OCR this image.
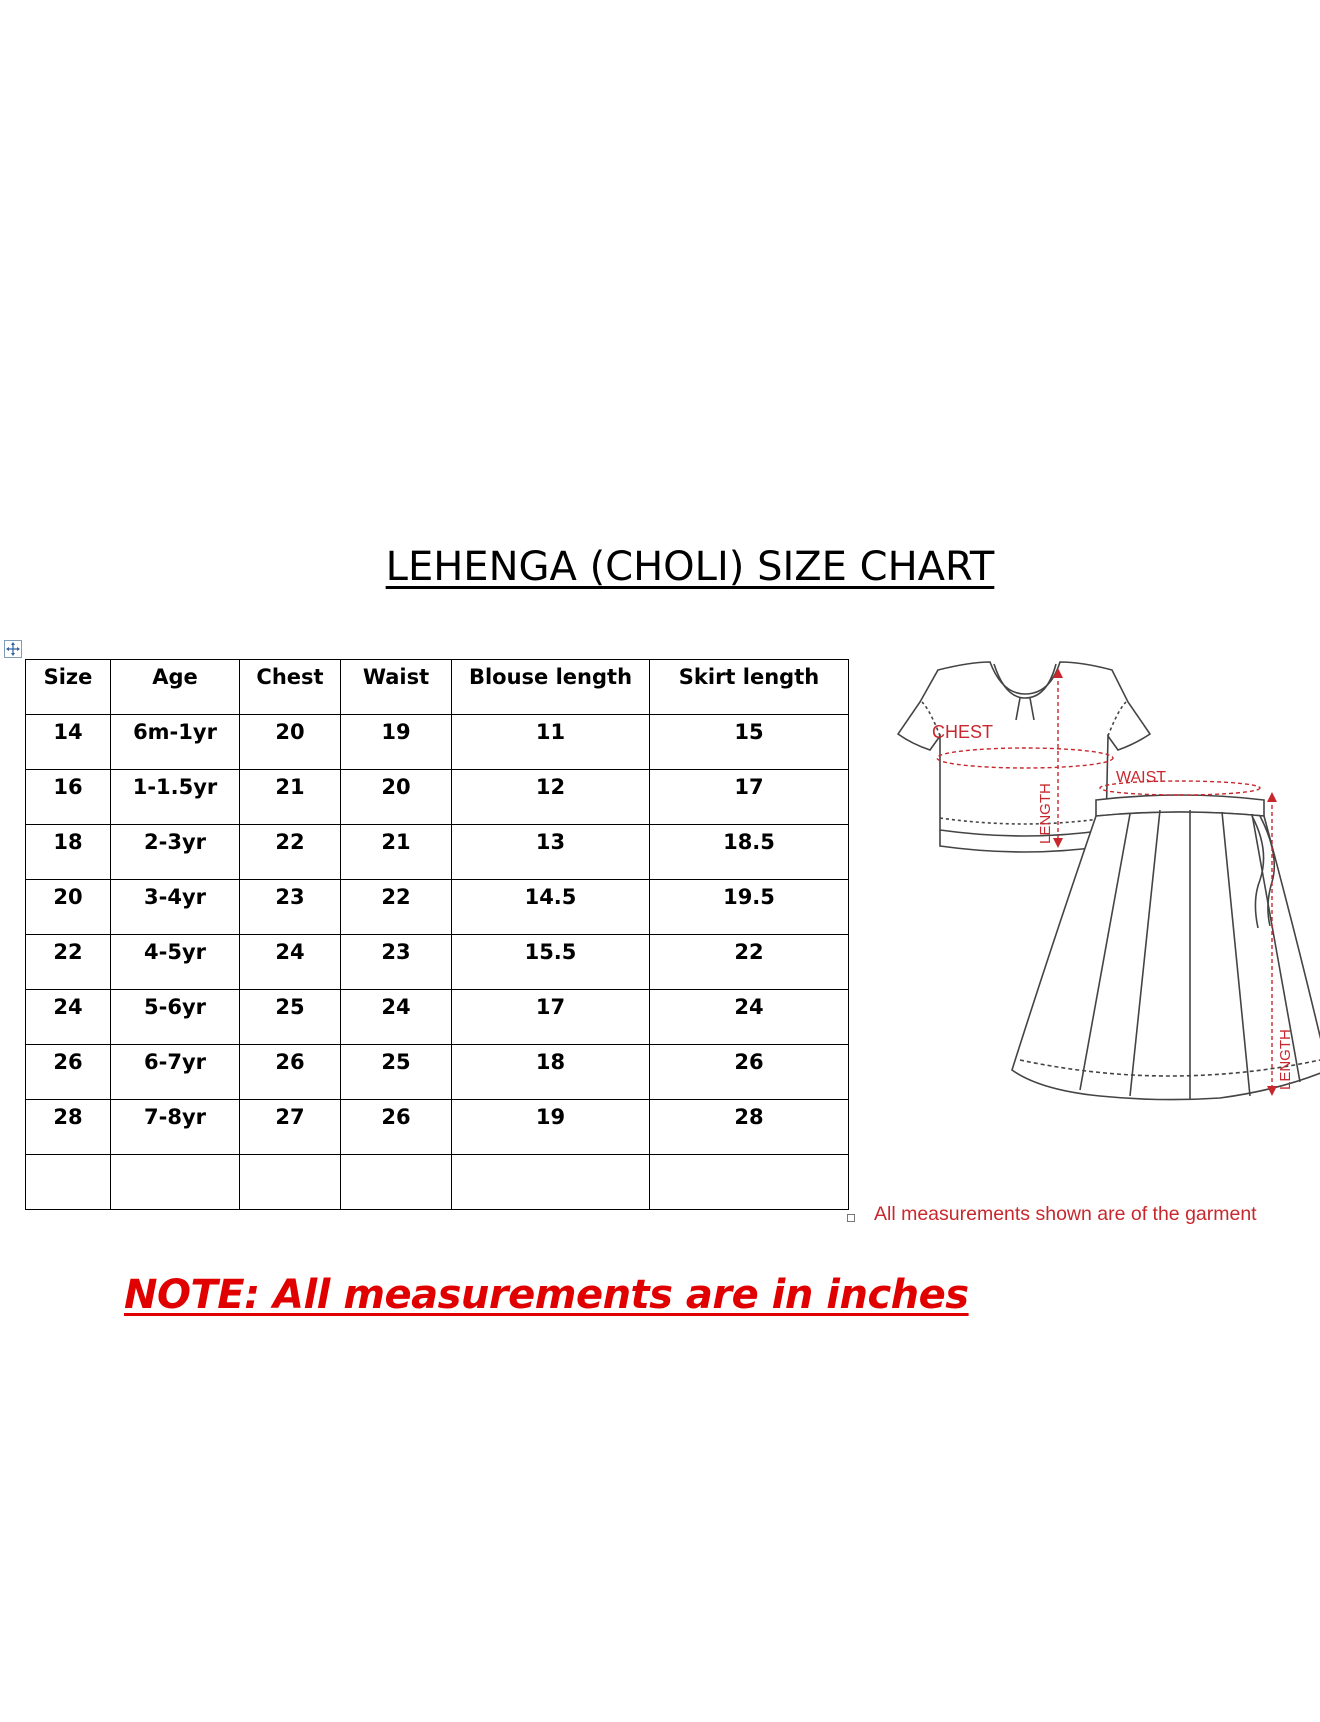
LEHENGA (CHOLI) SIZE CHART
Size	Age	Chest	Waist	Blouse length	Skirt length
14	6m-1yr	20	19	11	15
16	1-1.5yr	21	20	12	17
18	2-3yr	22	21	13	18.5
20	3-4yr	23	22	14.5	19.5
22	4-5yr	24	23	15.5	22
24	5-6yr	25	24	17	24
26	6-7yr	26	25	18	26
28	7-8yr	27	26	19	28

CHEST
WAIST
LENGTH
LENGTH
All measurements shown are of the garment
NOTE: All measurements are in inches
